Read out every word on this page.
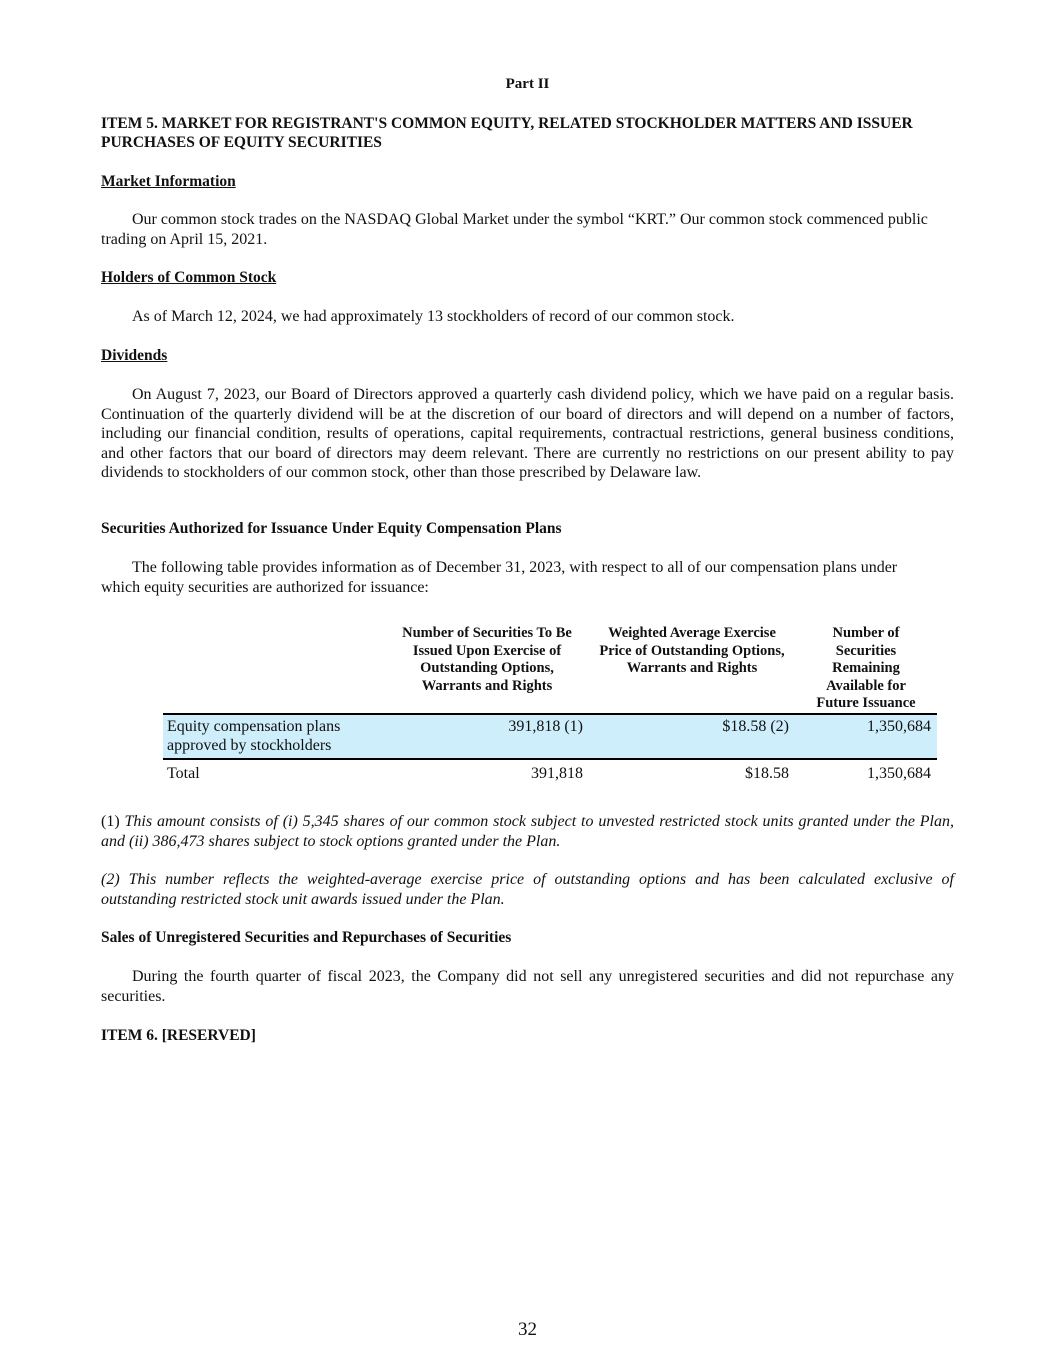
Part II
ITEM 5. MARKET FOR REGISTRANT'S COMMON EQUITY, RELATED STOCKHOLDER MATTERS AND ISSUER PURCHASES OF EQUITY SECURITIES
Market Information
Our common stock trades on the NASDAQ Global Market under the symbol “KRT.” Our common stock commenced public trading on April 15, 2021.
Holders of Common Stock
As of March 12, 2024, we had approximately 13 stockholders of record of our common stock.
Dividends
On August 7, 2023, our Board of Directors approved a quarterly cash dividend policy, which we have paid on a regular basis. Continuation of the quarterly dividend will be at the discretion of our board of directors and will depend on a number of factors, including our financial condition, results of operations, capital requirements, contractual restrictions, general business conditions, and other factors that our board of directors may deem relevant. There are currently no restrictions on our present ability to pay dividends to stockholders of our common stock, other than those prescribed by Delaware law.
Securities Authorized for Issuance Under Equity Compensation Plans
The following table provides information as of December 31, 2023, with respect to all of our compensation plans under which equity securities are authorized for issuance:
	Number of Securities To Be Issued Upon Exercise of Outstanding Options, Warrants and Rights	Weighted Average Exercise Price of Outstanding Options, Warrants and Rights	Number of Securities Remaining Available for Future Issuance
Equity compensation plans approved by stockholders	391,818 (1)	$18.58 (2)	1,350,684
Total	391,818	$18.58	1,350,684
(1) This amount consists of (i) 5,345 shares of our common stock subject to unvested restricted stock units granted under the Plan, and (ii) 386,473 shares subject to stock options granted under the Plan.
(2) This number reflects the weighted-average exercise price of outstanding options and has been calculated exclusive of outstanding restricted stock unit awards issued under the Plan.
Sales of Unregistered Securities and Repurchases of Securities
During the fourth quarter of fiscal 2023, the Company did not sell any unregistered securities and did not repurchase any securities.
ITEM 6. [RESERVED]
32
